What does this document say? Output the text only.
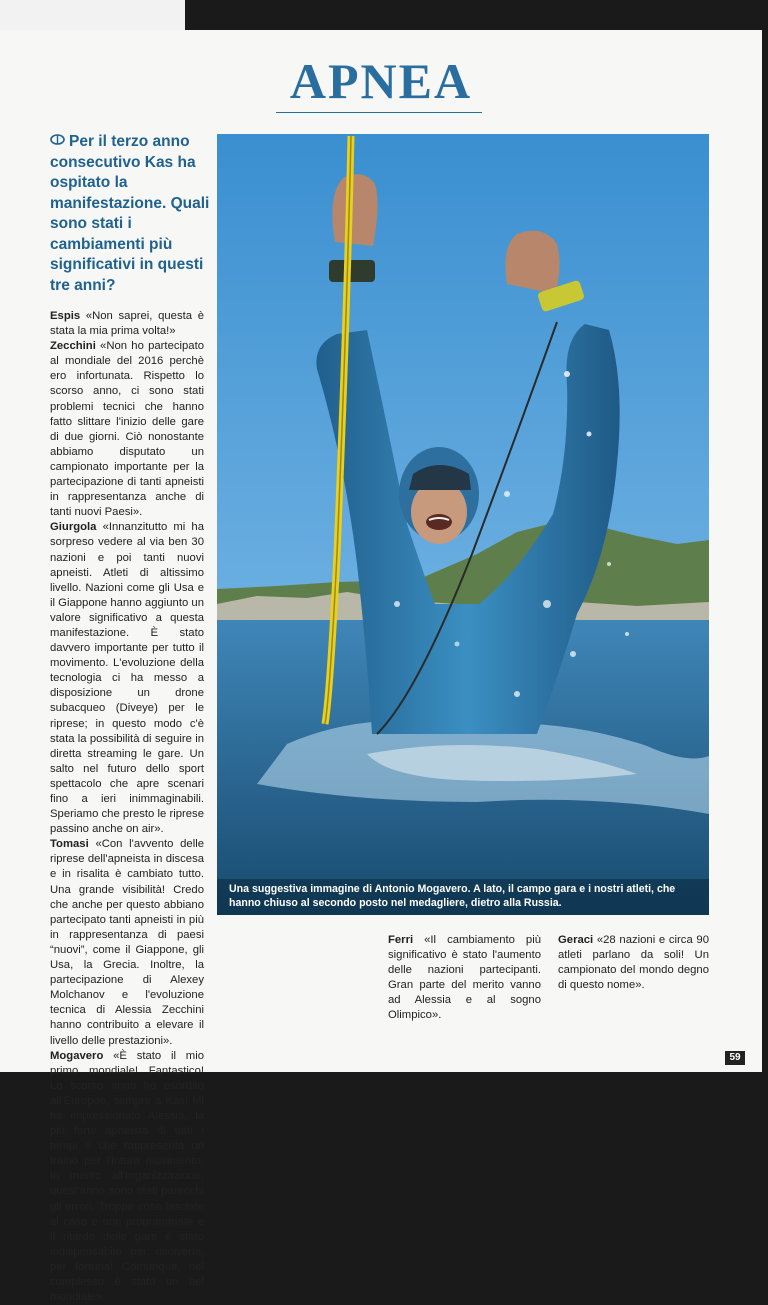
APNEA
Per il terzo anno consecutivo Kas ha ospitato la manifestazione. Quali sono stati i cambiamenti più significativi in questi tre anni?

Espis «Non saprei, questa è stata la mia prima volta!»

Zecchini «Non ho partecipato al mondiale del 2016 perchè ero infortunata. Rispetto lo scorso anno, ci sono stati problemi tecnici che hanno fatto slittare l'inizio delle gare di due giorni. Ciò nonostante abbiamo disputato un campionato importante per la partecipazione di tanti apneisti in rappresentanza anche di tanti nuovi Paesi».

Giurgola «Innanzitutto mi ha sorpreso vedere al via ben 30 nazioni e poi tanti nuovi apneisti. Atleti di altissimo livello. Nazioni come gli Usa e il Giappone hanno aggiunto un valore significativo a questa manifestazione. È stato davvero importante per tutto il movimento. L'evoluzione della tecnologia ci ha messo a disposizione un drone subacqueo (Diveye) per le riprese; in questo modo c'è stata la possibilità di seguire in diretta streaming le gare. Un salto nel futuro dello sport spettacolo che apre scenari fino a ieri inimmaginabili. Speriamo che presto le riprese passino anche on air».

Tomasi «Con l'avvento delle riprese dell'apneista in discesa e in risalita è cambiato tutto. Una grande visibilità! Credo che anche per questo abbiano partecipato tanti apneisti in più in rappresentanza di paesi “nuovi”, come il Giappone, gli Usa, la Grecia. Inoltre, la partecipazione di Alexey Molchanov e l'evoluzione tecnica di Alessia Zecchini hanno contribuito a elevare il livello delle prestazioni».

Mogavero «È stato il mio primo mondiale! Fantastico! Lo scorso anno ho esordito all'Europeo, sempre a Kas! Mi ha impressionato Alessia, la più forte apneista di tutti i tempi e che rappresenta un traino per l'intero movimento. In merito all'organizzazione, quest'anno sono stati parecchi gli errori. Troppe cose lasciate al caso e non programmate e il ritardo delle gare è stato indispensabile per risolverle, per fortuna! Comunque, nel complesso è stato un bel mondiale».

Una suggestiva immagine di Antonio Mogavero. A lato, il campo gara e i nostri atleti, che hanno chiuso al secondo posto nel medagliere, dietro alla Russia.

Ferri «Il cambiamento più significativo è stato l'aumento delle nazioni partecipanti. Gran parte del merito vanno ad Alessia e al sogno Olimpico».

Geraci «28 nazioni e circa 90 atleti parlano da soli! Un campionato del mondo degno di questo nome».

59
